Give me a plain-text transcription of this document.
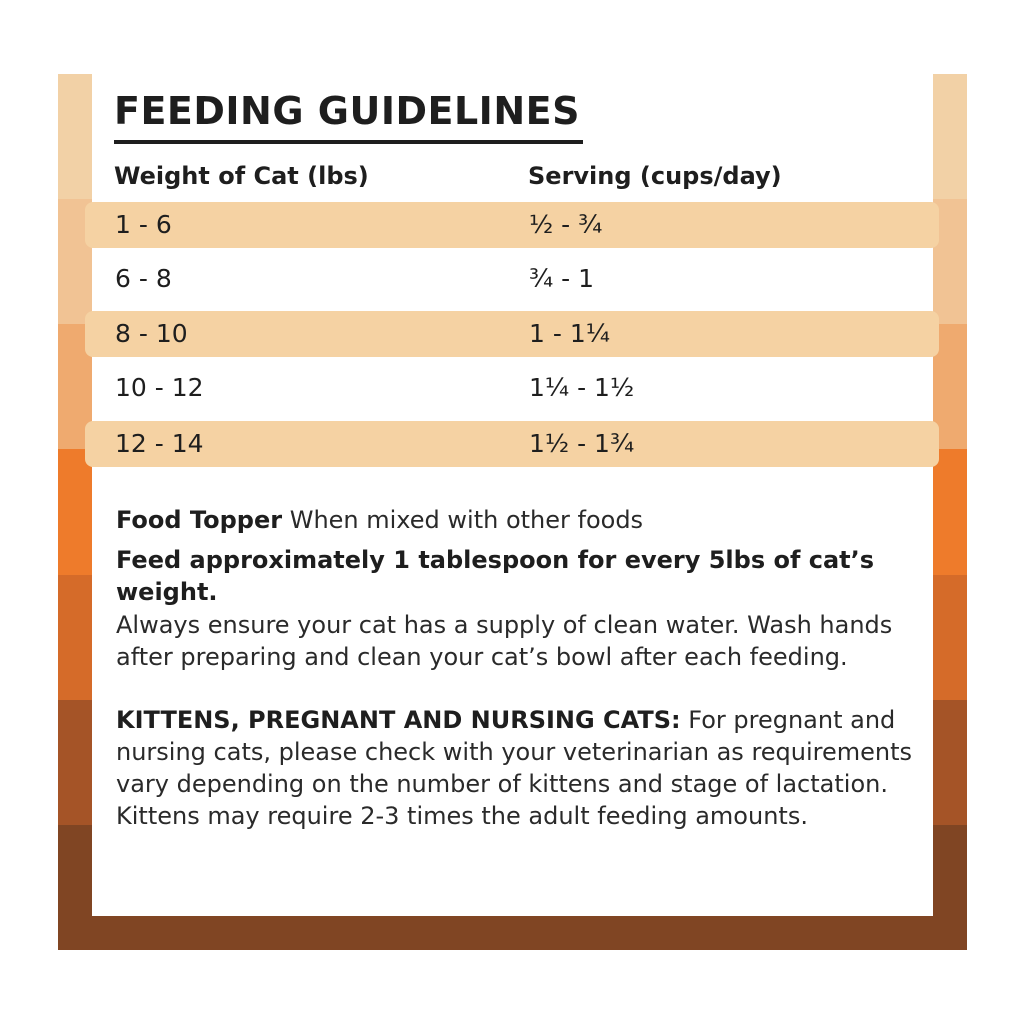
FEEDING GUIDELINES
Weight of Cat (lbs)	Serving (cups/day)
1 - 6	½ - ¾
6 - 8	¾ - 1
8 - 10	1 - 1¼
10 - 12	1¼ - 1½
12 - 14	1½ - 1¾

Food Topper When mixed with other foods

Feed approximately 1 tablespoon for every 5lbs of cat’s weight.

Always ensure your cat has a supply of clean water. Wash hands after preparing and clean your cat’s bowl after each feeding.

KITTENS, PREGNANT AND NURSING CATS: For pregnant and nursing cats, please check with your veterinarian as requirements vary depending on the number of kittens and stage of lactation. Kittens may require 2-3 times the adult feeding amounts.
